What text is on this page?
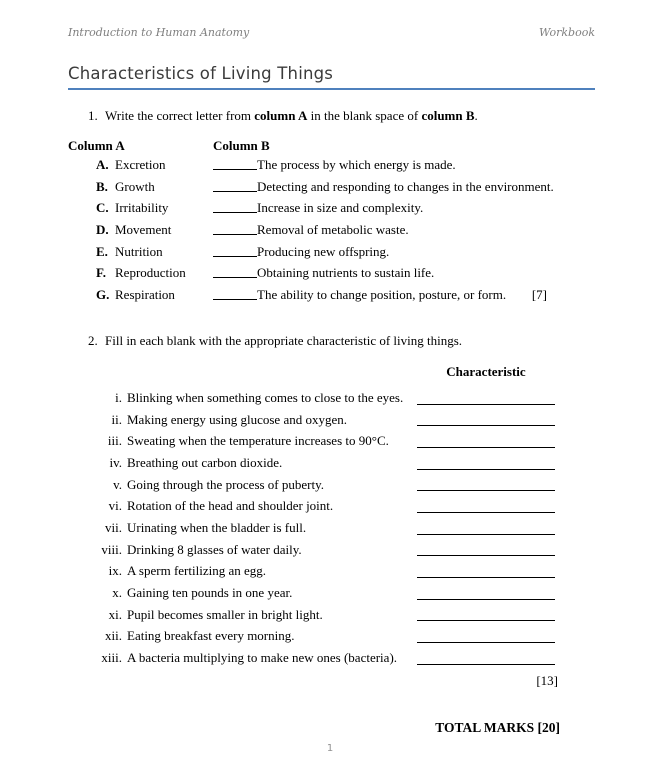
Introduction to Human Anatomy	Workbook
Characteristics of Living Things
1. Write the correct letter from column A in the blank space of column B.
Column A	Column B
A. Excretion	The process by which energy is made.
B. Growth	Detecting and responding to changes in the environment.
C. Irritability	Increase in size and complexity.
D. Movement	Removal of metabolic waste.
E. Nutrition	Producing new offspring.
F. Reproduction	Obtaining nutrients to sustain life.
G. Respiration	The ability to change position, posture, or form. [7]
2. Fill in each blank with the appropriate characteristic of living things.
Characteristic
i. Blinking when something comes to close to the eyes.
ii. Making energy using glucose and oxygen.
iii. Sweating when the temperature increases to 90°C.
iv. Breathing out carbon dioxide.
v. Going through the process of puberty.
vi. Rotation of the head and shoulder joint.
vii. Urinating when the bladder is full.
viii. Drinking 8 glasses of water daily.
ix. A sperm fertilizing an egg.
x. Gaining ten pounds in one year.
xi. Pupil becomes smaller in bright light.
xii. Eating breakfast every morning.
xiii. A bacteria multiplying to make new ones (bacteria).
[13]
TOTAL MARKS [20]
1
